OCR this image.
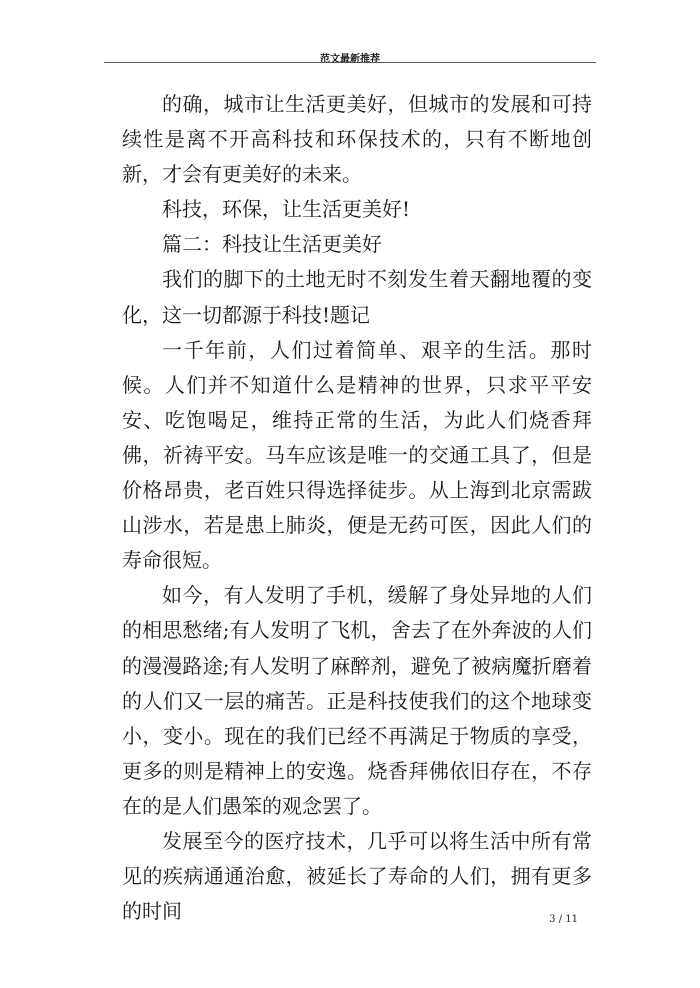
范文最新推荐

的确，城市让生活更美好，但城市的发展和可持续性是离不开高科技和环保技术的，只有不断地创新，才会有更美好的未来。

科技，环保，让生活更美好!

篇二：科技让生活更美好

我们的脚下的土地无时不刻发生着天翻地覆的变化，这一切都源于科技!题记

一千年前，人们过着简单、艰辛的生活。那时候。人们并不知道什么是精神的世界，只求平平安安、吃饱喝足，维持正常的生活，为此人们烧香拜佛，祈祷平安。马车应该是唯一的交通工具了，但是价格昂贵，老百姓只得选择徒步。从上海到北京需跋山涉水，若是患上肺炎，便是无药可医，因此人们的寿命很短。

如今，有人发明了手机，缓解了身处异地的人们的相思愁绪;有人发明了飞机，舍去了在外奔波的人们的漫漫路途;有人发明了麻醉剂，避免了被病魔折磨着的人们又一层的痛苦。正是科技使我们的这个地球变小，变小。现在的我们已经不再满足于物质的享受，更多的则是精神上的安逸。烧香拜佛依旧存在，不存在的是人们愚笨的观念罢了。

发展至今的医疗技术，几乎可以将生活中所有常见的疾病通通治愈，被延长了寿命的人们，拥有更多的时间	3 / 11
